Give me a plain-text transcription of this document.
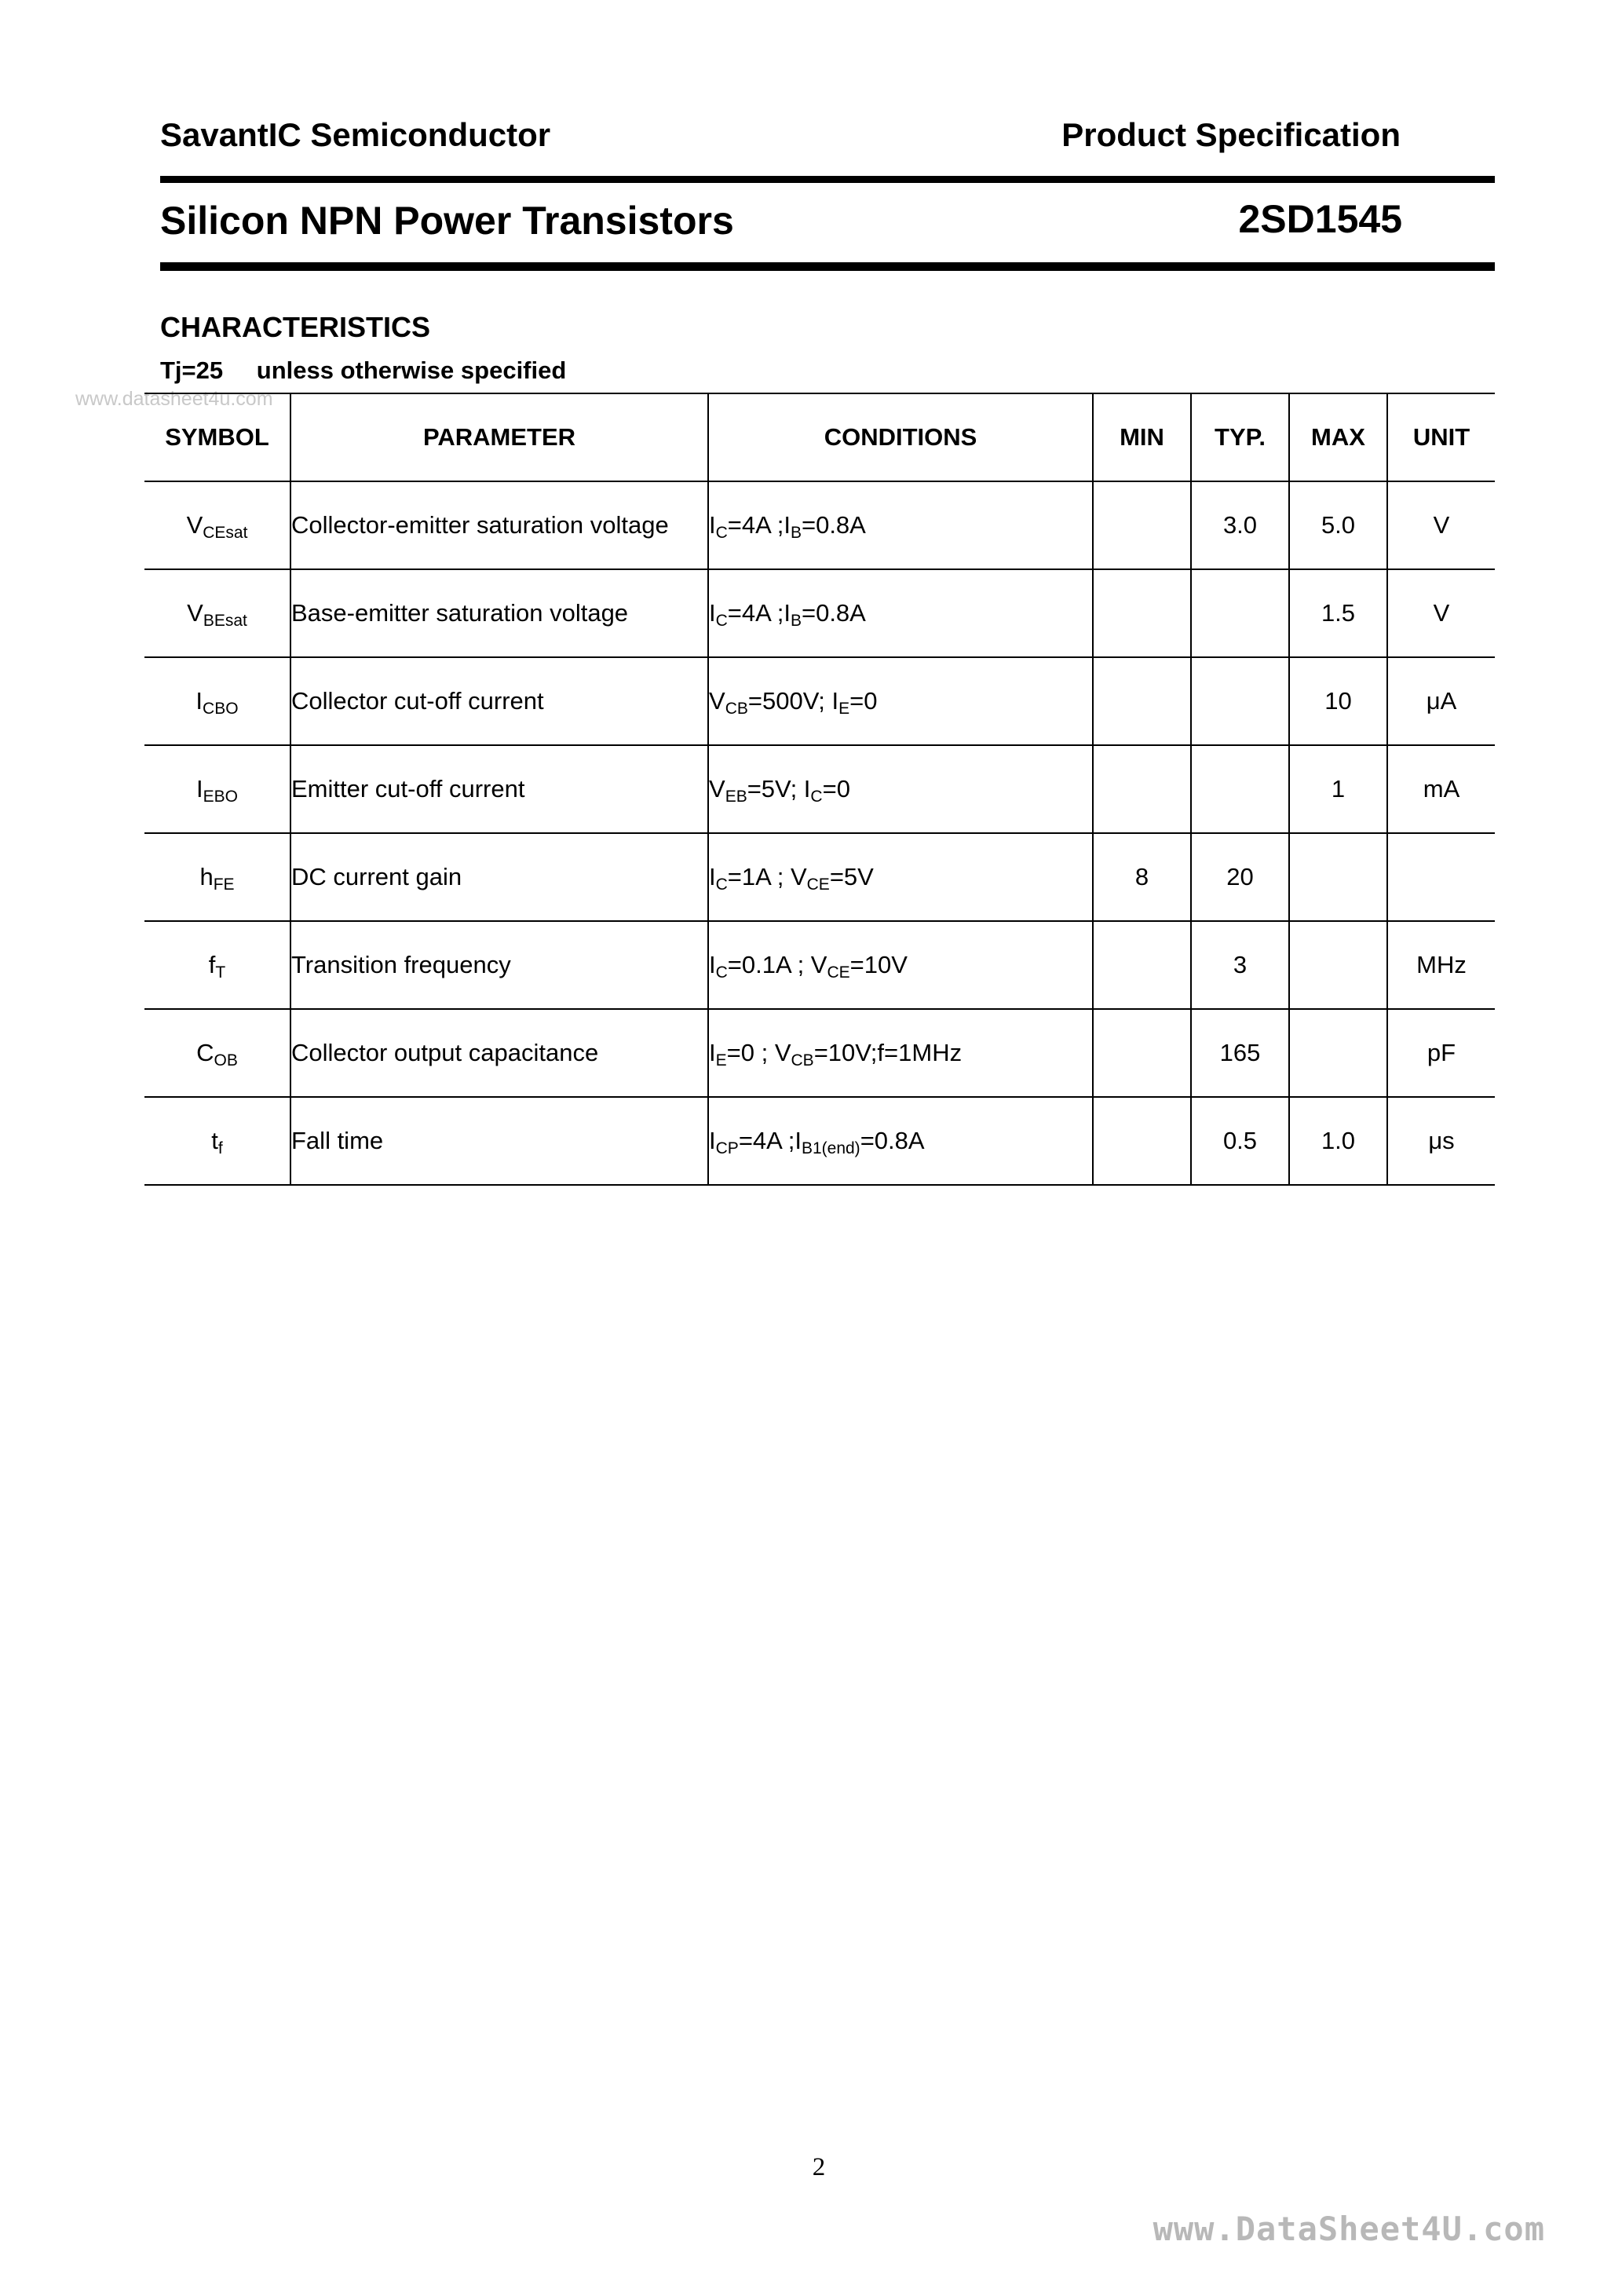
SavantIC Semiconductor	Product Specification
Silicon NPN Power Transistors	2SD1545
CHARACTERISTICS
Tj=25 unless otherwise specified
www.datasheet4u.com
SYMBOL	PARAMETER	CONDITIONS	MIN	TYP.	MAX	UNIT
$V_{CEsat}$	Collector-emitter saturation voltage	$I_C=4A$ $;I_B=0.8A$		3.0	5.0	V
$V_{BEsat}$	Base-emitter saturation voltage	$I_C=4A$ $;I_B=0.8A$			1.5	V
$I_{CBO}$	Collector cut-off current	$V_{CB}=500V$; $I_E=0$			10	μA
$I_{EBO}$	Emitter cut-off current	$V_{EB}=5V$; $I_C=0$			1	mA
$h_{FE}$	DC current gain	$I_C=1A$ ; $V_{CE}=5V$	8	20		
$f_T$	Transition frequency	$I_C=0.1A$ ; $V_{CE}=10V$		3		MHz
$C_{OB}$	Collector output capacitance	$I_E=0$ ; $V_{CB}=10V;f=1MHz$		165		pF
$t_f$	Fall time	$I_{CP}=4A$ $;I_{B1(end)}=0.8A$		0.5	1.0	μs
2
www.DataSheet4U.com
